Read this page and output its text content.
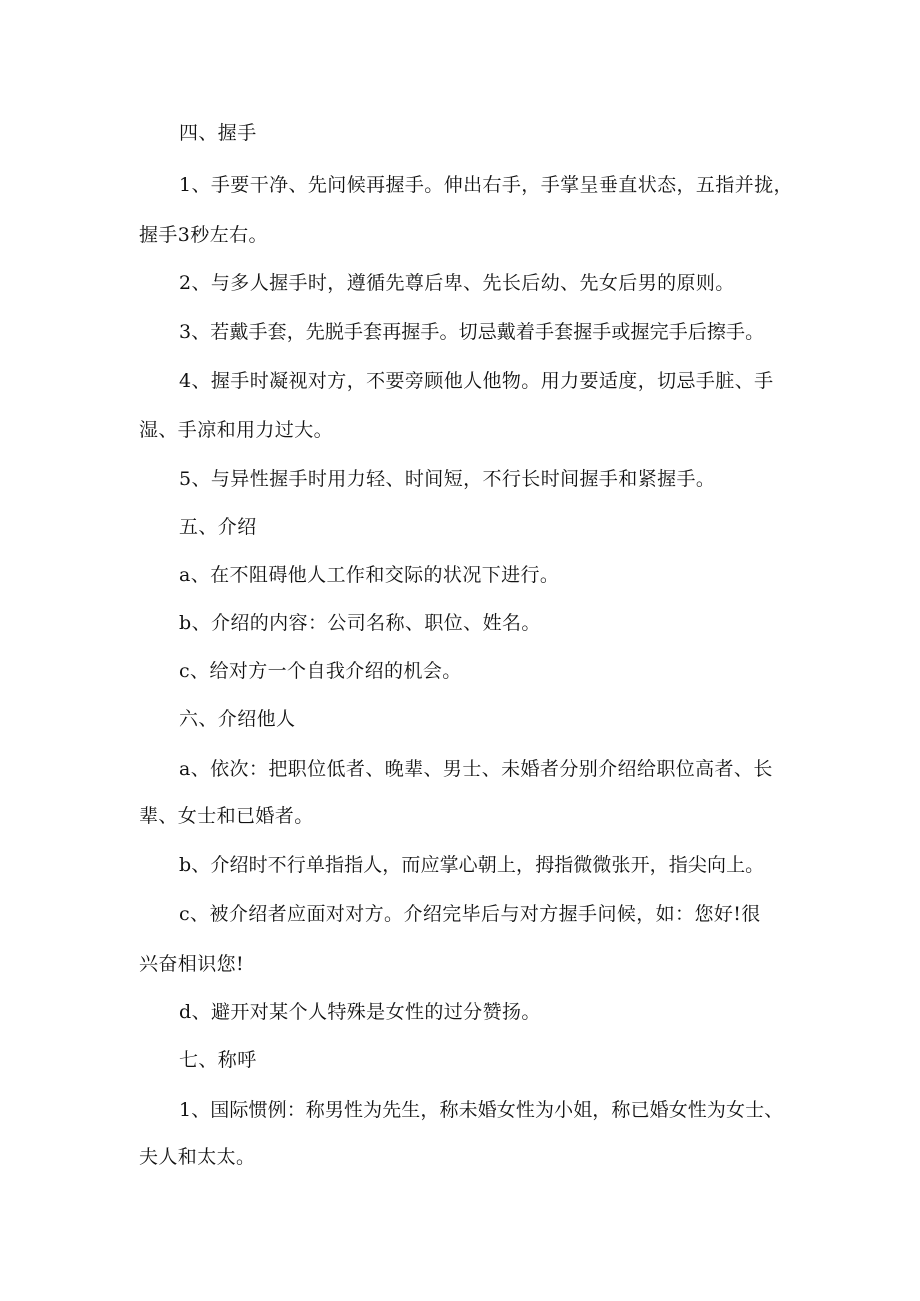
四、握手
1、手要干净、先问候再握手。伸出右手，手掌呈垂直状态，五指并拢，
握手3秒左右。
2、与多人握手时，遵循先尊后卑、先长后幼、先女后男的原则。
3、若戴手套，先脱手套再握手。切忌戴着手套握手或握完手后擦手。
4、握手时凝视对方，不要旁顾他人他物。用力要适度，切忌手脏、手
湿、手凉和用力过大。
5、与异性握手时用力轻、时间短，不行长时间握手和紧握手。
五、介绍
a、在不阻碍他人工作和交际的状况下进行。
b、介绍的内容：公司名称、职位、姓名。
c、给对方一个自我介绍的机会。
六、介绍他人
a、依次：把职位低者、晚辈、男士、未婚者分别介绍给职位高者、长
辈、女士和已婚者。
b、介绍时不行单指指人，而应掌心朝上，拇指微微张开，指尖向上。
c、被介绍者应面对对方。介绍完毕后与对方握手问候，如：您好!很
兴奋相识您!
d、避开对某个人特殊是女性的过分赞扬。
七、称呼
1、国际惯例：称男性为先生，称未婚女性为小姐，称已婚女性为女士、
夫人和太太。
